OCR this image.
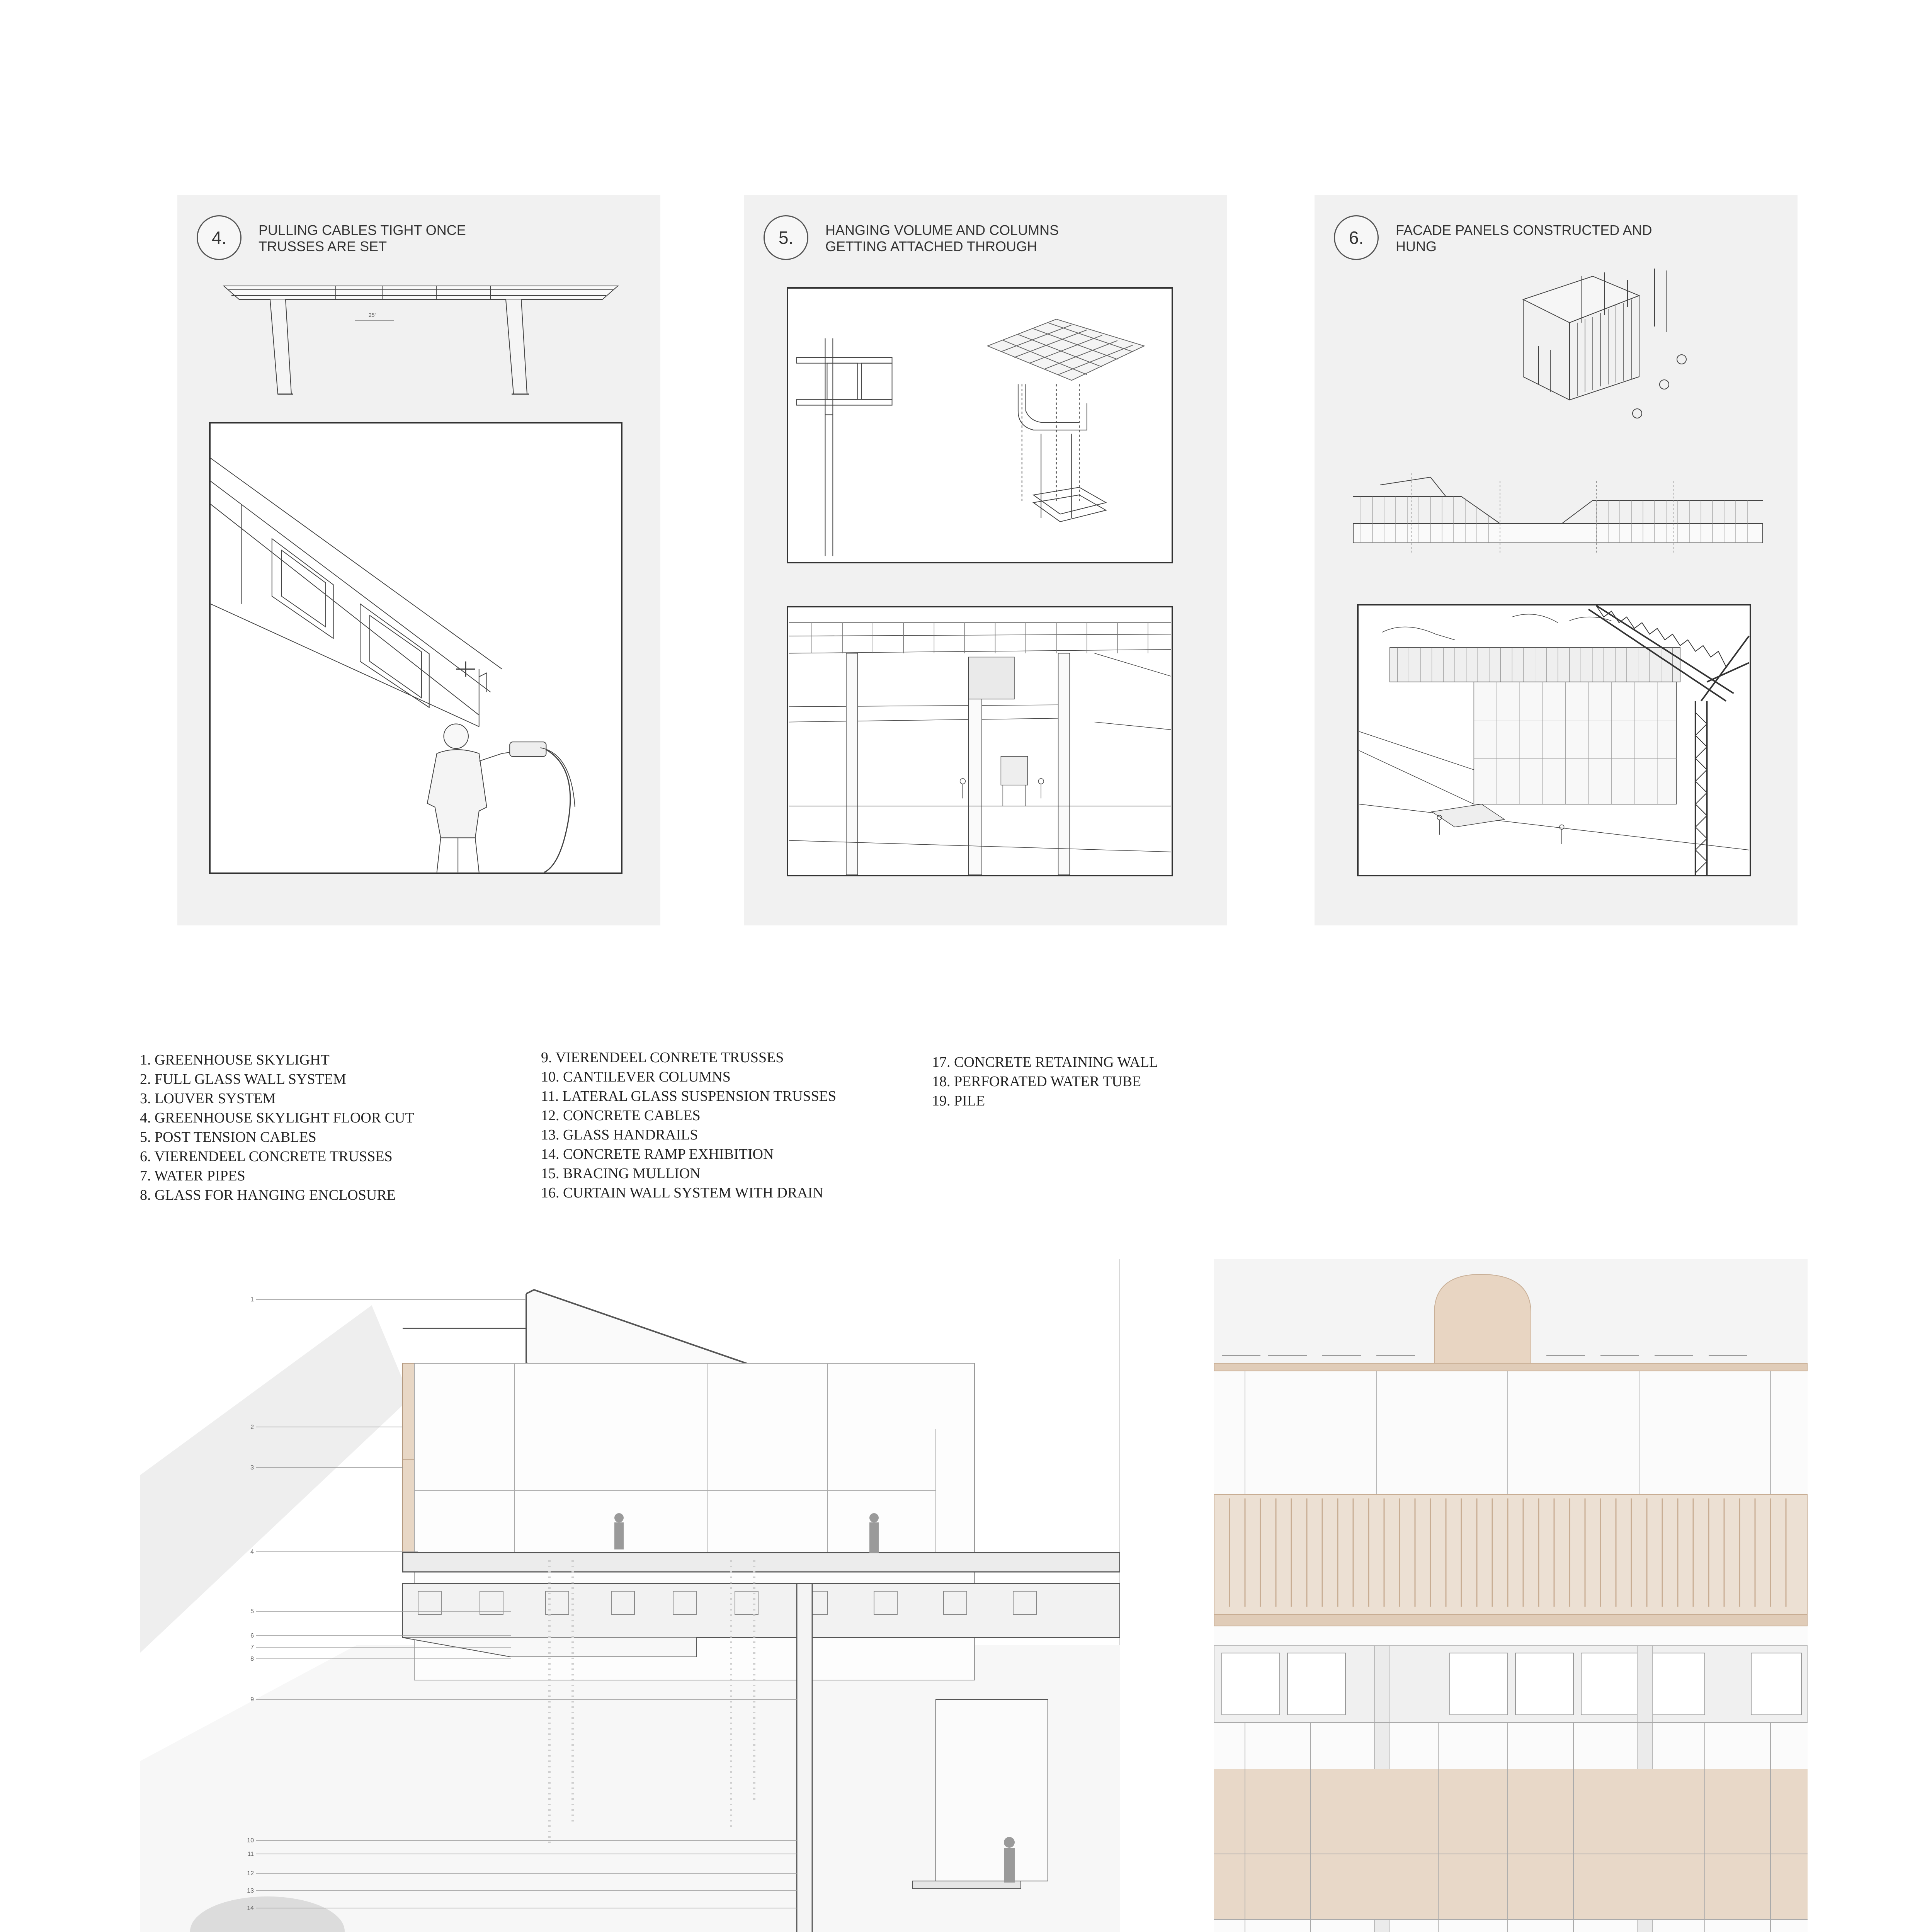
4.	PULLING CABLES TIGHT ONCE TRUSSES ARE SET
25'
5.	HANGING VOLUME AND COLUMNS GETTING ATTACHED THROUGH	6.	FACADE PANELS CONSTRUCTED AND HUNG
1. GREENHOUSE SKYLIGHT
2. FULL GLASS WALL SYSTEM
3. LOUVER SYSTEM
4. GREENHOUSE SKYLIGHT FLOOR CUT
5. POST TENSION CABLES
6. VIERENDEEL CONCRETE TRUSSES
7. WATER PIPES
8. GLASS FOR HANGING ENCLOSURE
9. VIERENDEEL CONRETE TRUSSES
10. CANTILEVER COLUMNS
11. LATERAL GLASS SUSPENSION TRUSSES
12. CONCRETE CABLES
13. GLASS HANDRAILS
14. CONCRETE RAMP EXHIBITION
15. BRACING MULLION
16. CURTAIN WALL SYSTEM WITH DRAIN
17. CONCRETE RETAINING WALL
18. PERFORATED WATER TUBE
19. PILE
1
2
3
4
5
6
7
8
9
10
11
12
13
14
